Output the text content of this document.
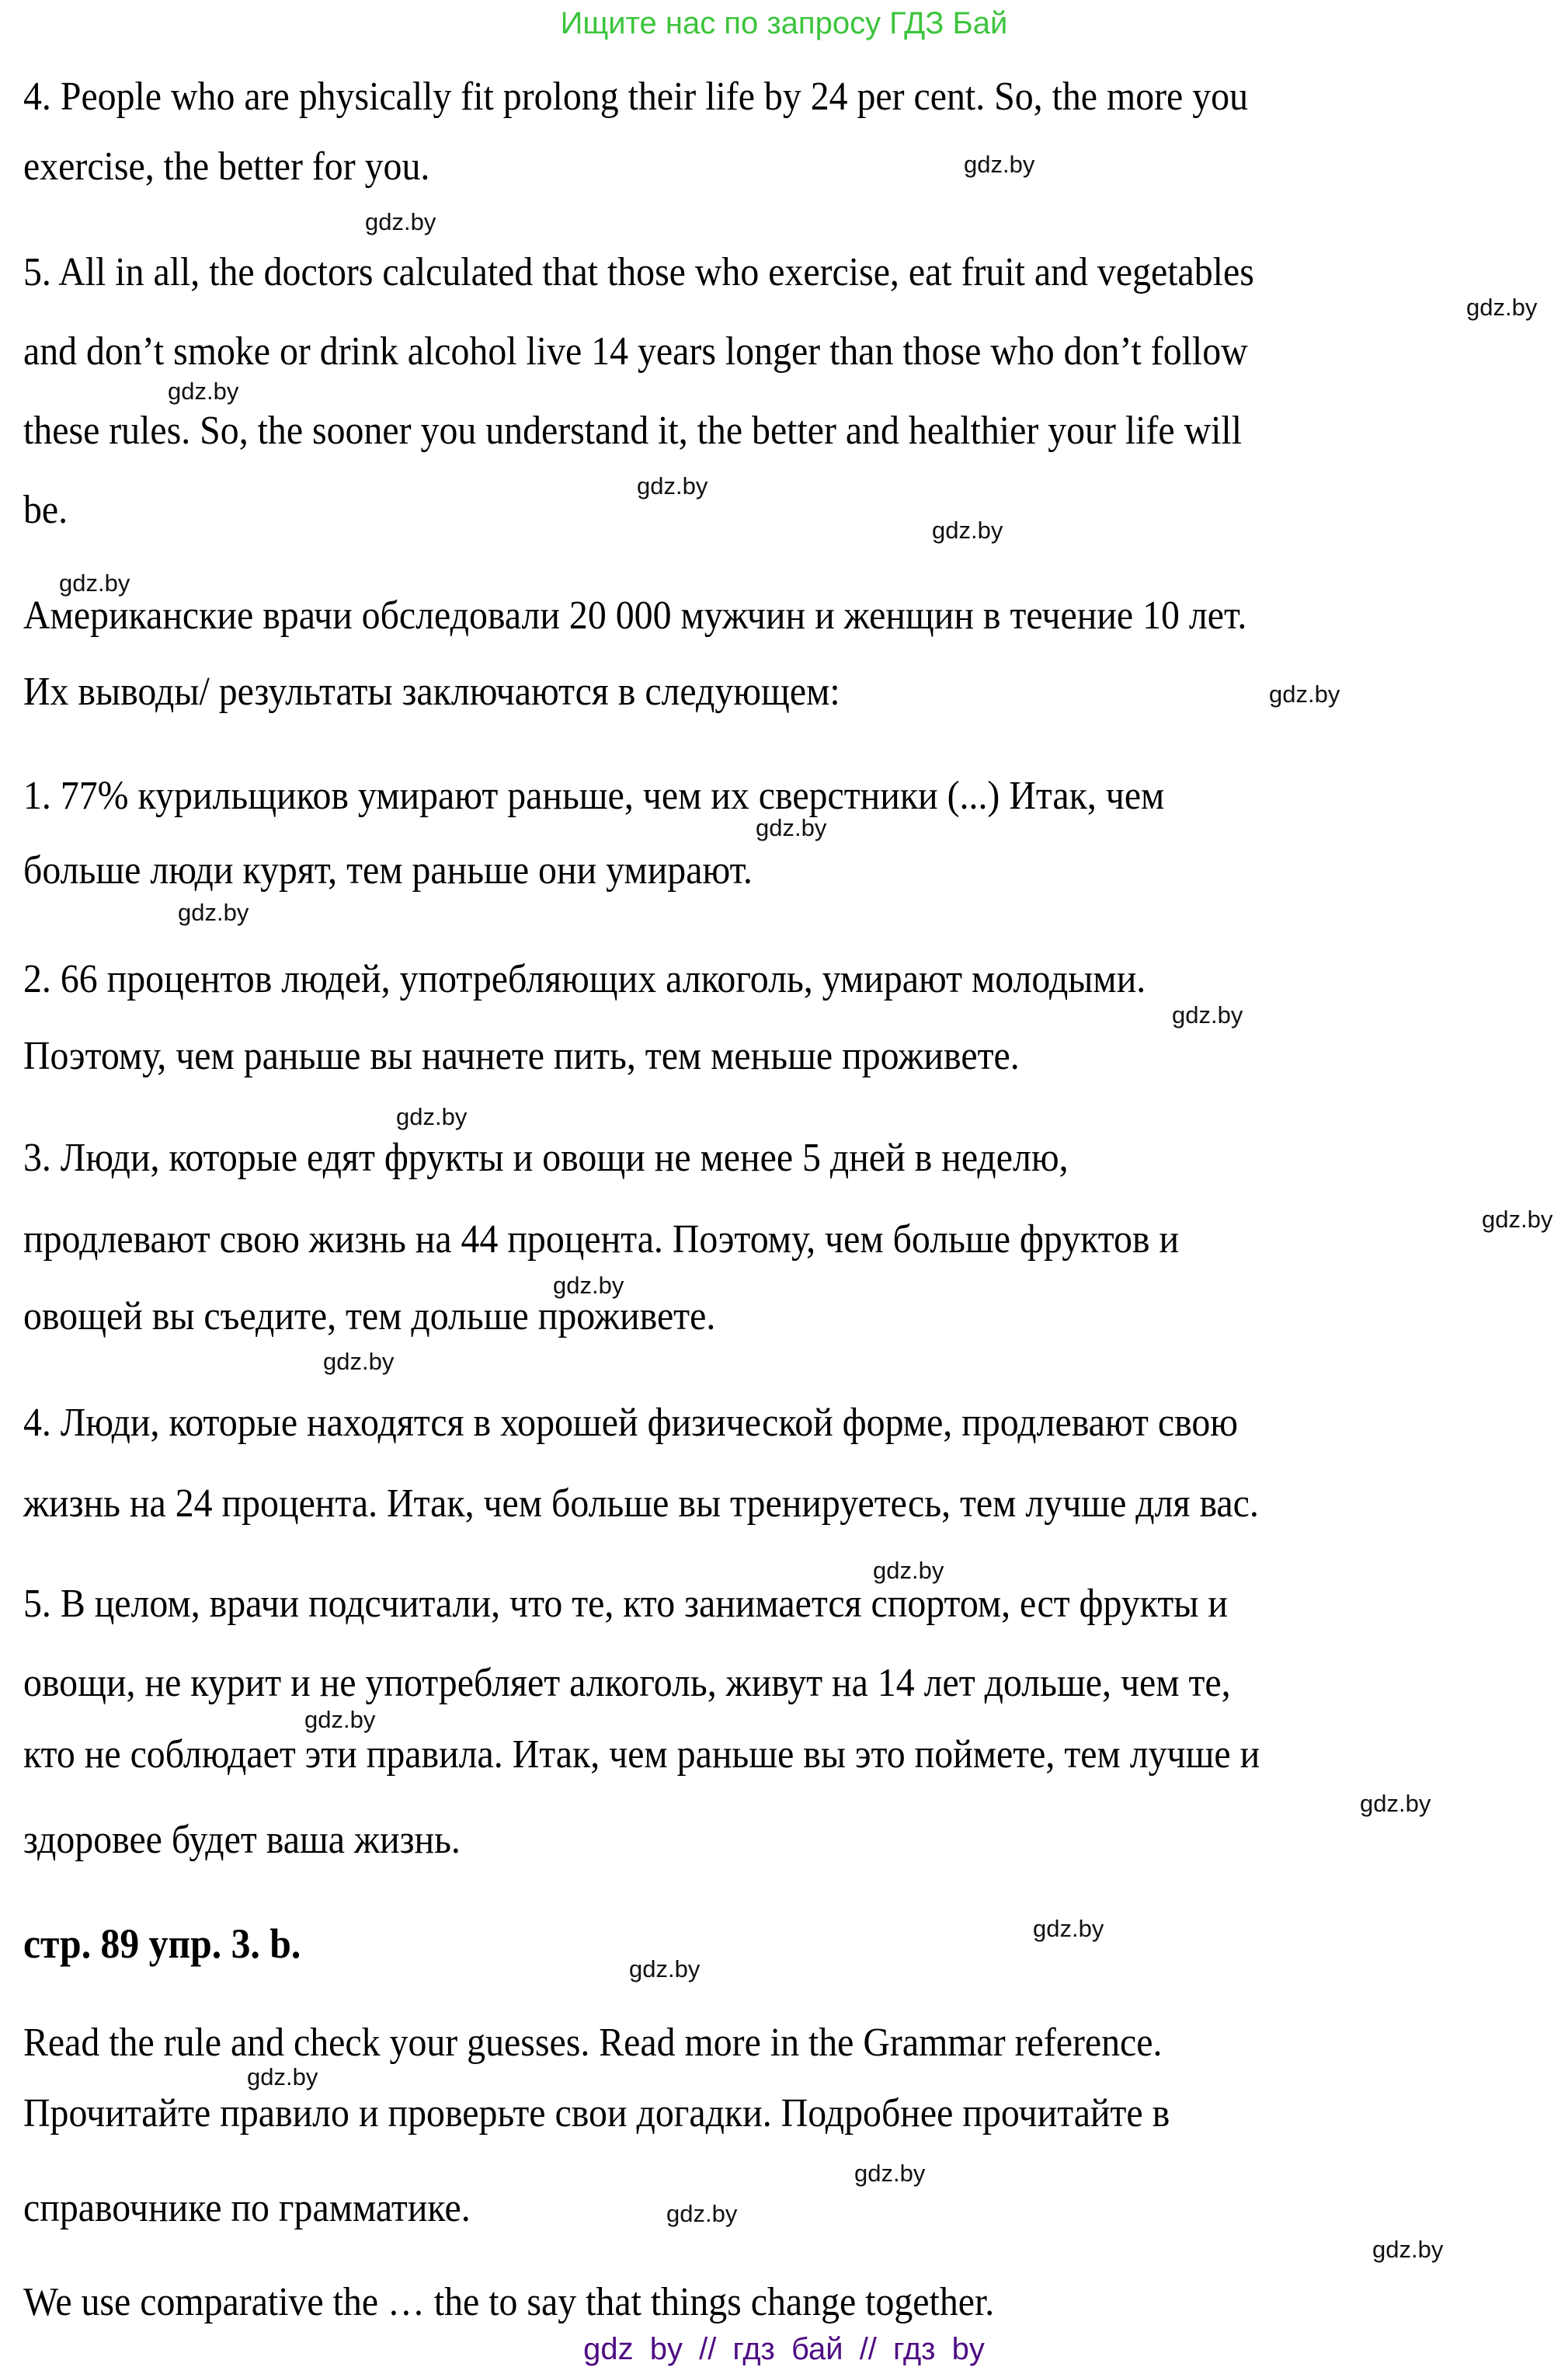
Ищите нас по запросу ГДЗ Бай
4. People who are physically fit prolong their life by 24 per cent. So, the more you
exercise, the better for you.
5. All in all, the doctors calculated that those who exercise, eat fruit and vegetables
and don’t smoke or drink alcohol live 14 years longer than those who don’t follow
these rules. So, the sooner you understand it, the better and healthier your life will
be.
Американские врачи обследовали 20 000 мужчин и женщин в течение 10 лет.
Их выводы/ результаты заключаются в следующем:
1. 77% курильщиков умирают раньше, чем их сверстники (...) Итак, чем
больше люди курят, тем раньше они умирают.
2. 66 процентов людей, употребляющих алкоголь, умирают молодыми.
Поэтому, чем раньше вы начнете пить, тем меньше проживете.
3. Люди, которые едят фрукты и овощи не менее 5 дней в неделю,
продлевают свою жизнь на 44 процента. Поэтому, чем больше фруктов и
овощей вы съедите, тем дольше проживете.
4. Люди, которые находятся в хорошей физической форме, продлевают свою
жизнь на 24 процента. Итак, чем больше вы тренируетесь, тем лучше для вас.
5. В целом, врачи подсчитали, что те, кто занимается спортом, ест фрукты и
овощи, не курит и не употребляет алкоголь, живут на 14 лет дольше, чем те,
кто не соблюдает эти правила. Итак, чем раньше вы это поймете, тем лучше и
здоровее будет ваша жизнь.
стр. 89 упр. 3. b.
Read the rule and check your guesses. Read more in the Grammar reference.
Прочитайте правило и проверьте свои догадки. Подробнее прочитайте в
справочнике по грамматике.
We use comparative the … the to say that things change together.
gdz.by
gdz.by
gdz.by
gdz.by
gdz.by
gdz.by
gdz.by
gdz.by
gdz.by
gdz.by
gdz.by
gdz.by
gdz.by
gdz.by
gdz.by
gdz.by
gdz.by
gdz.by
gdz.by
gdz.by
gdz.by
gdz.by
gdz.by
gdz.by
gdz by // гдз бай // гдз by
